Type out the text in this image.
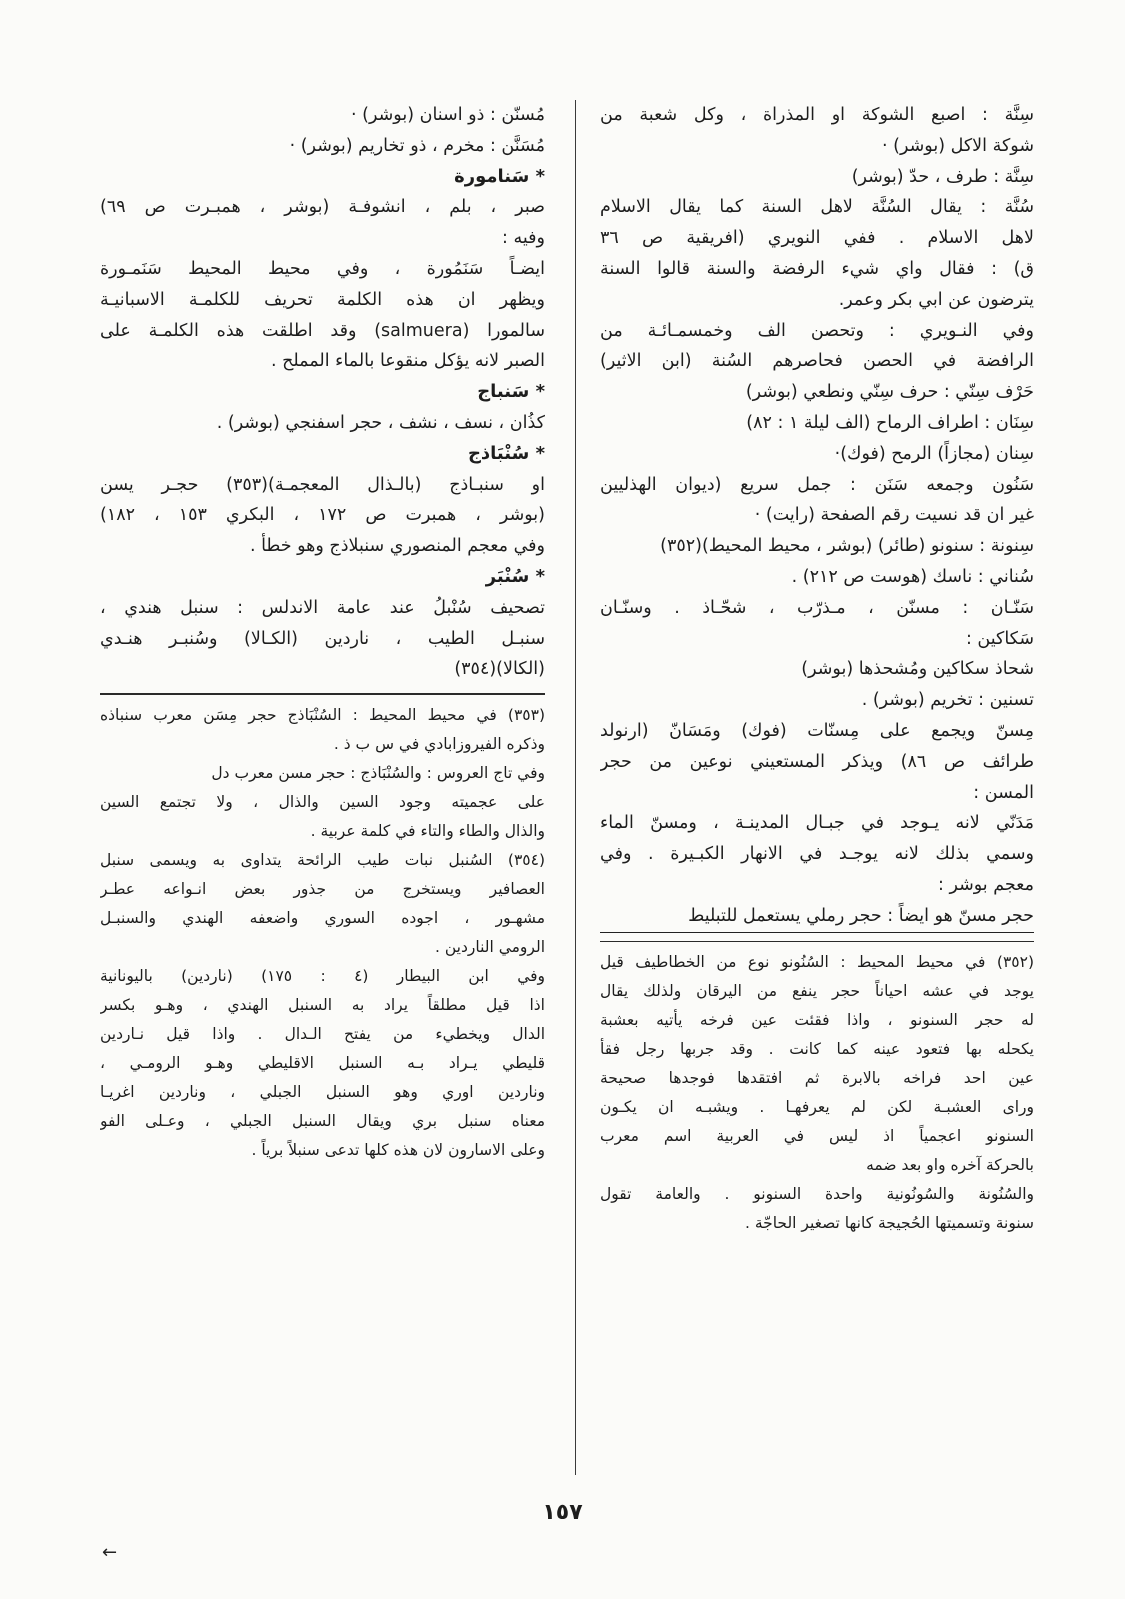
سِنَّة : اصبع الشوكة او المذراة ، وكل شعبة من
شوكة الاكل (بوشر) ·
سِنَّة : طرف ، حدّ (بوشر)
سُنَّة : يقال السُنَّة لاهل السنة كما يقال الاسلام
لاهل الاسلام . ففي النويري (افريقية ص ٣٦
ق) : فقال واي شيء الرفضة والسنة قالوا السنة
يترضون عن ابي بكر وعمر.
وفي النـويري : وتحصن الف وخمسمـائـة من
الرافضة في الحصن فحاصرهم السُنة (ابن الاثير)
حَرْف سِنّي : حرف سِنّي ونطعي (بوشر)
سِنَان : اطراف الرماح (الف ليلة ١ : ٨٢)
سِنان (مجازاً) الرمح (فوك)·
سَنُون وجمعه سَنَن : جمل سريع (ديوان الهذليين
غير ان قد نسيت رقم الصفحة (رايت) ·
سِنونة : سنونو (طائر) (بوشر ، محيط المحيط)(٣٥٢)
سُناني : ناسك (هوست ص ٢١٢) .
سَنّـان : مسنّن ، مـذرّب ، شحّـاذ . وسنّـان
سَكاكين :
شحاذ سكاكين ومُشحذها (بوشر)
تسنين : تخريم (بوشر) .
مِسنّ ويجمع على مِسنّات (فوك) ومَسَانّ (ارنولد
طرائف ص ٨٦) ويذكر المستعيني نوعين من حجر
المسن :
مَدَنّي لانه يـوجد في جبـال المدينـة ، ومسنّ الماء
وسمي بذلك لانه يوجـد في الانهار الكبـيرة . وفي
معجم بوشر :
حجر مسنّ هو ايضاً : حجر رملي يستعمل للتبليط
(٣٥٢) في محيط المحيط : السُنُونو نوع من الخطاطيف قيل
يوجد في عشه احياناً حجر ينفع من اليرقان ولذلك يقال
له حجر السنونو ، واذا فقئت عين فرخه يأتيه بعشبة
يكحله بها فتعود عينه كما كانت . وقد جربها رجل فقأ
عين احد فراخه بالابرة ثم افتقدها فوجدها صحيحة
وراى العشبـة لكن لم يعرفهـا . ويشبـه ان يكـون
السنونو اعجمياً اذ ليس في العربية اسم معرب
بالحركة آخره واو بعد ضمه
والسُنُونة والسُونُونية واحدة السنونو . والعامة تقول
سنونة وتسميتها الحُجيجة كانها تصغير الحاجّة .
مُسنّن : ذو اسنان (بوشر) ·
مُسَنَّن : مخرم ، ذو تخاريم (بوشر) ·
* سَنامورة
صبر ، بلم ، انشوفـة (بوشر ، همبـرت ص ٦٩)
وفيه :
ايضـاً سَنَمُورة ، وفي محيط المحيط سَنَمـورة
ويظهر ان هذه الكلمة تحريف للكلمـة الاسبانيـة
سالمورا (salmuera) وقد اطلقت هذه الكلمـة على
الصبر لانه يؤكل منقوعا بالماء المملح .
* سَنباج
كذُان ، نسف ، نشف ، حجر اسفنجي (بوشر) .
* سُنْبَاذج
او سنبـاذج (بالـذال المعجمـة)(٣٥٣) حجـر يسن
(بوشر ، همبرت ص ١٧٢ ، البكري ١٥٣ ، ١٨٢)
وفي معجم المنصوري سنبلاذج وهو خطأ .
* سُنْبَر
تصحيف سُنْبلُ عند عامة الاندلس : سنبل هندي ،
سنبـل الطيب ، ناردين (الكـالا) وسُنبـر هنـدي
(الكالا)(٣٥٤)
(٣٥٣) في محيط المحيط : السُنْبَاذج حجر مِسَن معرب سنباذه
وذكره الفيروزابادي في س ب ذ .
وفي تاج العروس : والسُنْبَاذج : حجر مسن معرب دل
على عجميته وجود السين والذال ، ولا تجتمع السين
والذال والطاء والتاء في كلمة عربية .
(٣٥٤) السُنبل نبات طيب الرائحة يتداوى به ويسمى سنبل
العصافير ويستخرج من جذور بعض انـواعه عطـر
مشهـور ، اجوده السوري واضعفه الهندي والسنبـل
الرومي الناردين .
وفي ابن البيطار (٤ : ١٧٥) (ناردين) باليونانية
اذا قيل مطلقاً يراد به السنبل الهندي ، وهـو بكسر
الدال ويخطيء من يفتح الـدال . واذا قيل نـاردين
قليطي يـراد بـه السنبل الاقليطي وهـو الرومـي ،
وناردين اوري وهو السنبل الجبلي ، وناردين اغريـا
معناه سنبل بري ويقال السنبل الجبلي ، وعـلى الفو
وعلى الاسارون لان هذه كلها تدعى سنبلاً برياً .
١٥٧
←
